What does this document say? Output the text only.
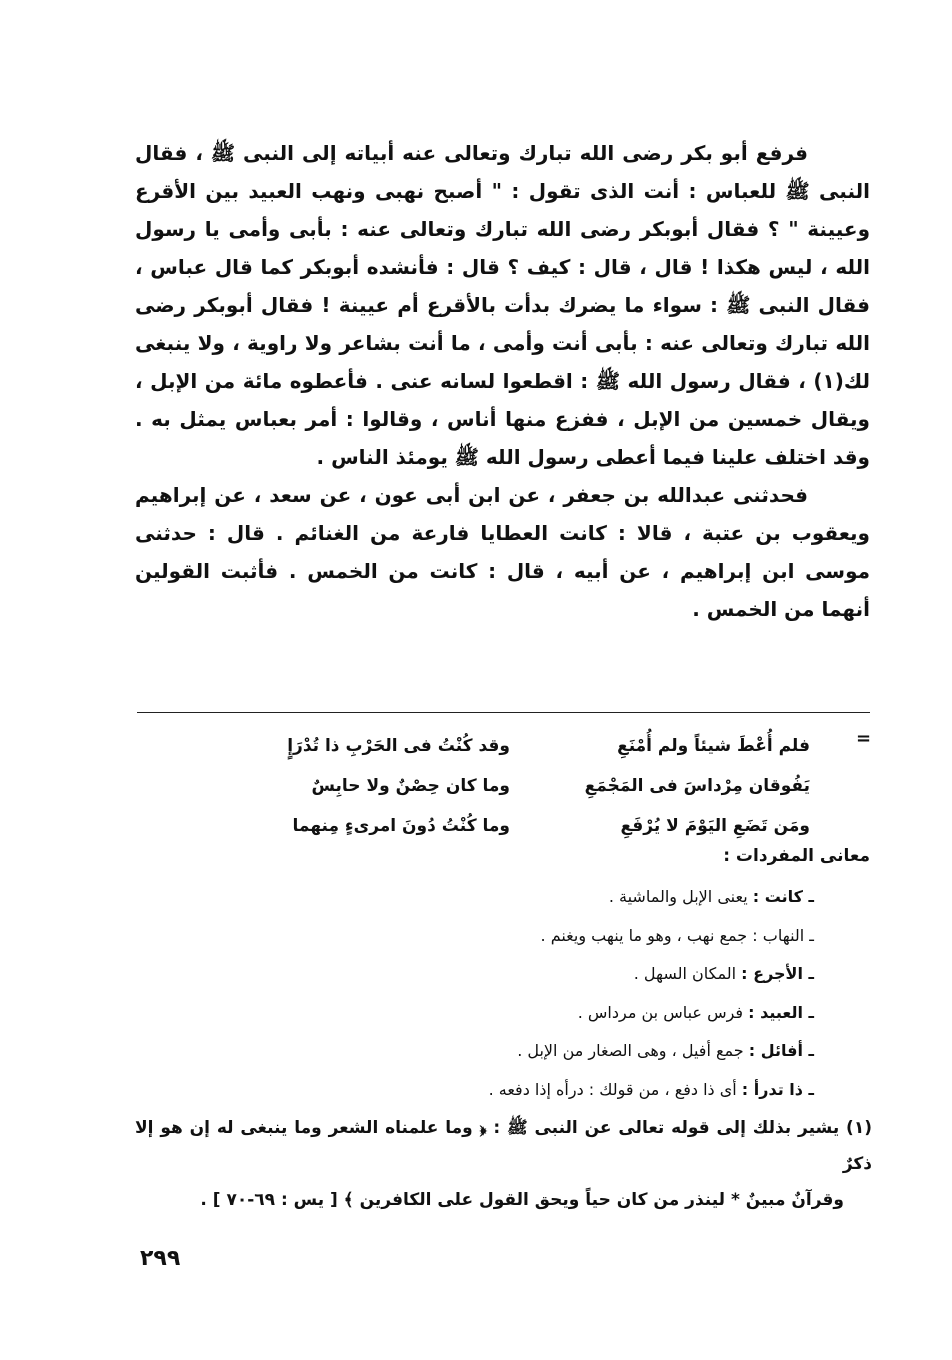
فرفع أبو بكر رضى الله تبارك وتعالى عنه أبياته إلى النبى ﷺ ، فقال النبى ﷺ للعباس : أنت الذى تقول : " أصبح نهبى ونهب العبيد بين الأقرع وعيينة " ؟ فقال أبوبكر رضى الله تبارك وتعالى عنه : بأبى وأمى يا رسول الله ، ليس هكذا ! قال ، قال : كيف ؟ قال : فأنشده أبوبكر كما قال عباس ، فقال النبى ﷺ : سواء ما يضرك بدأت بالأقرع أم عيينة ! فقال أبوبكر رضى الله تبارك وتعالى عنه : بأبى أنت وأمى ، ما أنت بشاعر ولا راوية ، ولا ينبغى لك(١) ، فقال رسول الله ﷺ : اقطعوا لسانه عنى . فأعطوه مائة من الإبل ، ويقال خمسين من الإبل ، ففزع منها أناس ، وقالوا : أمر بعباس يمثل به . وقد اختلف علينا فيما أعطى رسول الله ﷺ يومئذ الناس .

فحدثنى عبدالله بن جعفر ، عن ابن أبى عون ، عن سعد ، عن إبراهيم ويعقوب بن عتبة ، قالا : كانت العطايا فارعة من الغنائم . قال : حدثنى موسى ابن إبراهيم ، عن أبيه ، قال : كانت من الخمس . فأثبت القولين أنهما من الخمس .

=
وقد كُنْتُ فى الحَرْبِ ذا تُدْرَإٍ	فلم أُعْطَ شيئاً ولم أُمْنَعِ
وما كان حِصْنٌ ولا حابِسٌ	يَفُوقان مِرْداسَ فى المَجْمَعِ
وما كُنْتُ دُونَ امرىءٍ مِنهما	ومَن تَضَعِ اليَوْمَ لا يُرْفَعِ
معانى المفردات :
ـ كانت : يعنى الإبل والماشية .
ـ النهاب : جمع نهب ، وهو ما ينهب ويغنم .
ـ الأجرع : المكان السهل .
ـ العبيد : فرس عباس بن مرداس .
ـ أفائل : جمع أفيل ، وهى الصغار من الإبل .
ـ ذا تدرأ : أى ذا دفع ، من قولك : درأه إذا دفعه .
(١) يشير بذلك إلى قوله تعالى عن النبى ﷺ : ﴿ وما علمناه الشعر وما ينبغى له إن هو إلا ذكرٌ
وقرآنٌ مبينٌ * لينذر من كان حياً ويحق القول على الكافرين ﴾ [ يس : ٦٩-٧٠ ] .
٢٩٩
